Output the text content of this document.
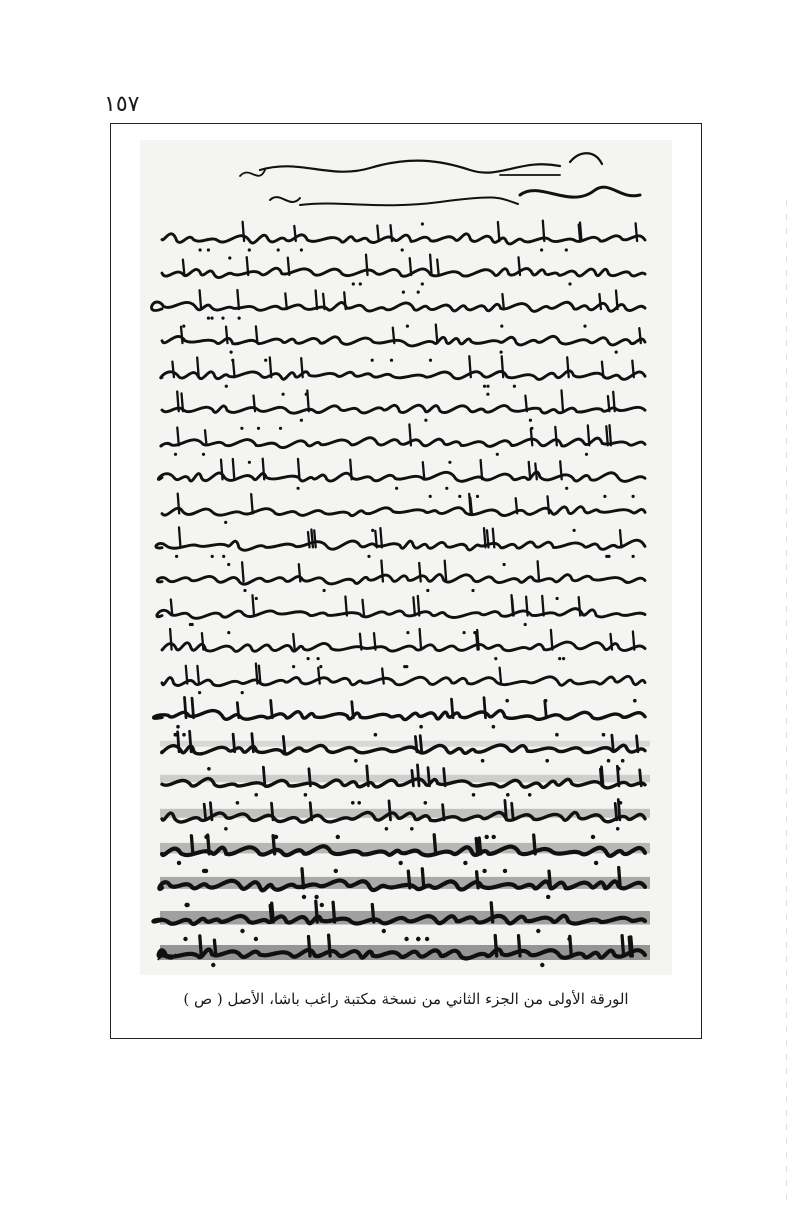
١٥٧
الورقة الأولى من الجزء الثاني من نسخة مكتبة راغب باشا، الأصل ( ص )
